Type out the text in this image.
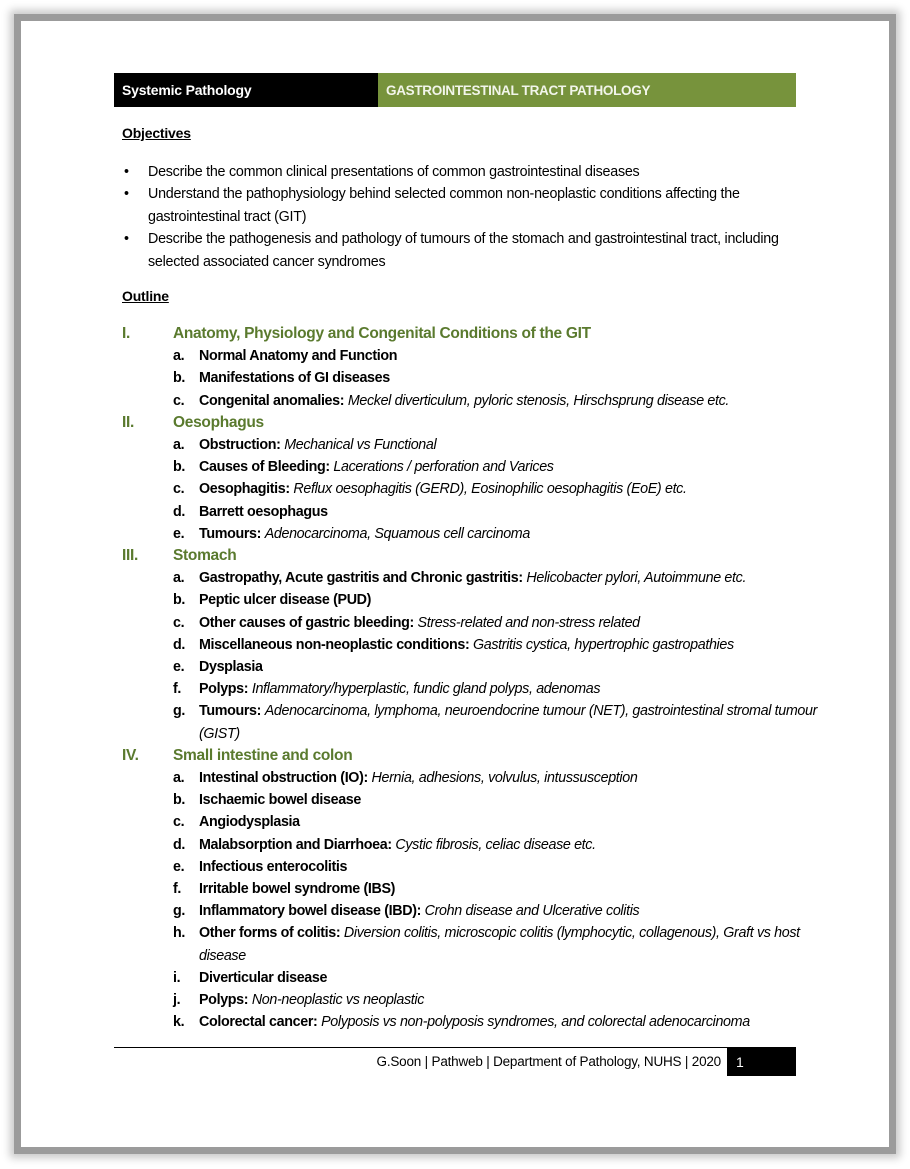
Systemic Pathology	GASTROINTESTINAL TRACT PATHOLOGY
Objectives
• Describe the common clinical presentations of common gastrointestinal diseases
• Understand the pathophysiology behind selected common non-neoplastic conditions affecting the gastrointestinal tract (GIT)
• Describe the pathogenesis and pathology of tumours of the stomach and gastrointestinal tract, including selected associated cancer syndromes
Outline
I.	Anatomy, Physiology and Congenital Conditions of the GIT
a. Normal Anatomy and Function
b. Manifestations of GI diseases
c. Congenital anomalies: Meckel diverticulum, pyloric stenosis, Hirschsprung disease etc.
II.	Oesophagus
a. Obstruction: Mechanical vs Functional
b. Causes of Bleeding: Lacerations / perforation and Varices
c. Oesophagitis: Reflux oesophagitis (GERD), Eosinophilic oesophagitis (EoE) etc.
d. Barrett oesophagus
e. Tumours: Adenocarcinoma, Squamous cell carcinoma
III. Stomach
a. Gastropathy, Acute gastritis and Chronic gastritis: Helicobacter pylori, Autoimmune etc.
b. Peptic ulcer disease (PUD)
c. Other causes of gastric bleeding: Stress-related and non-stress related
d. Miscellaneous non-neoplastic conditions: Gastritis cystica, hypertrophic gastropathies
e. Dysplasia
f. Polyps: Inflammatory/hyperplastic, fundic gland polyps, adenomas
g. Tumours: Adenocarcinoma, lymphoma, neuroendocrine tumour (NET), gastrointestinal stromal tumour (GIST)
IV. Small intestine and colon
a. Intestinal obstruction (IO): Hernia, adhesions, volvulus, intussusception
b. Ischaemic bowel disease
c. Angiodysplasia
d. Malabsorption and Diarrhoea: Cystic fibrosis, celiac disease etc.
e. Infectious enterocolitis
f. Irritable bowel syndrome (IBS)
g. Inflammatory bowel disease (IBD): Crohn disease and Ulcerative colitis
h. Other forms of colitis: Diversion colitis, microscopic colitis (lymphocytic, collagenous), Graft vs host disease
i. Diverticular disease
j. Polyps: Non-neoplastic vs neoplastic
k. Colorectal cancer: Polyposis vs non-polyposis syndromes, and colorectal adenocarcinoma
G.Soon | Pathweb | Department of Pathology, NUHS | 2020	1
